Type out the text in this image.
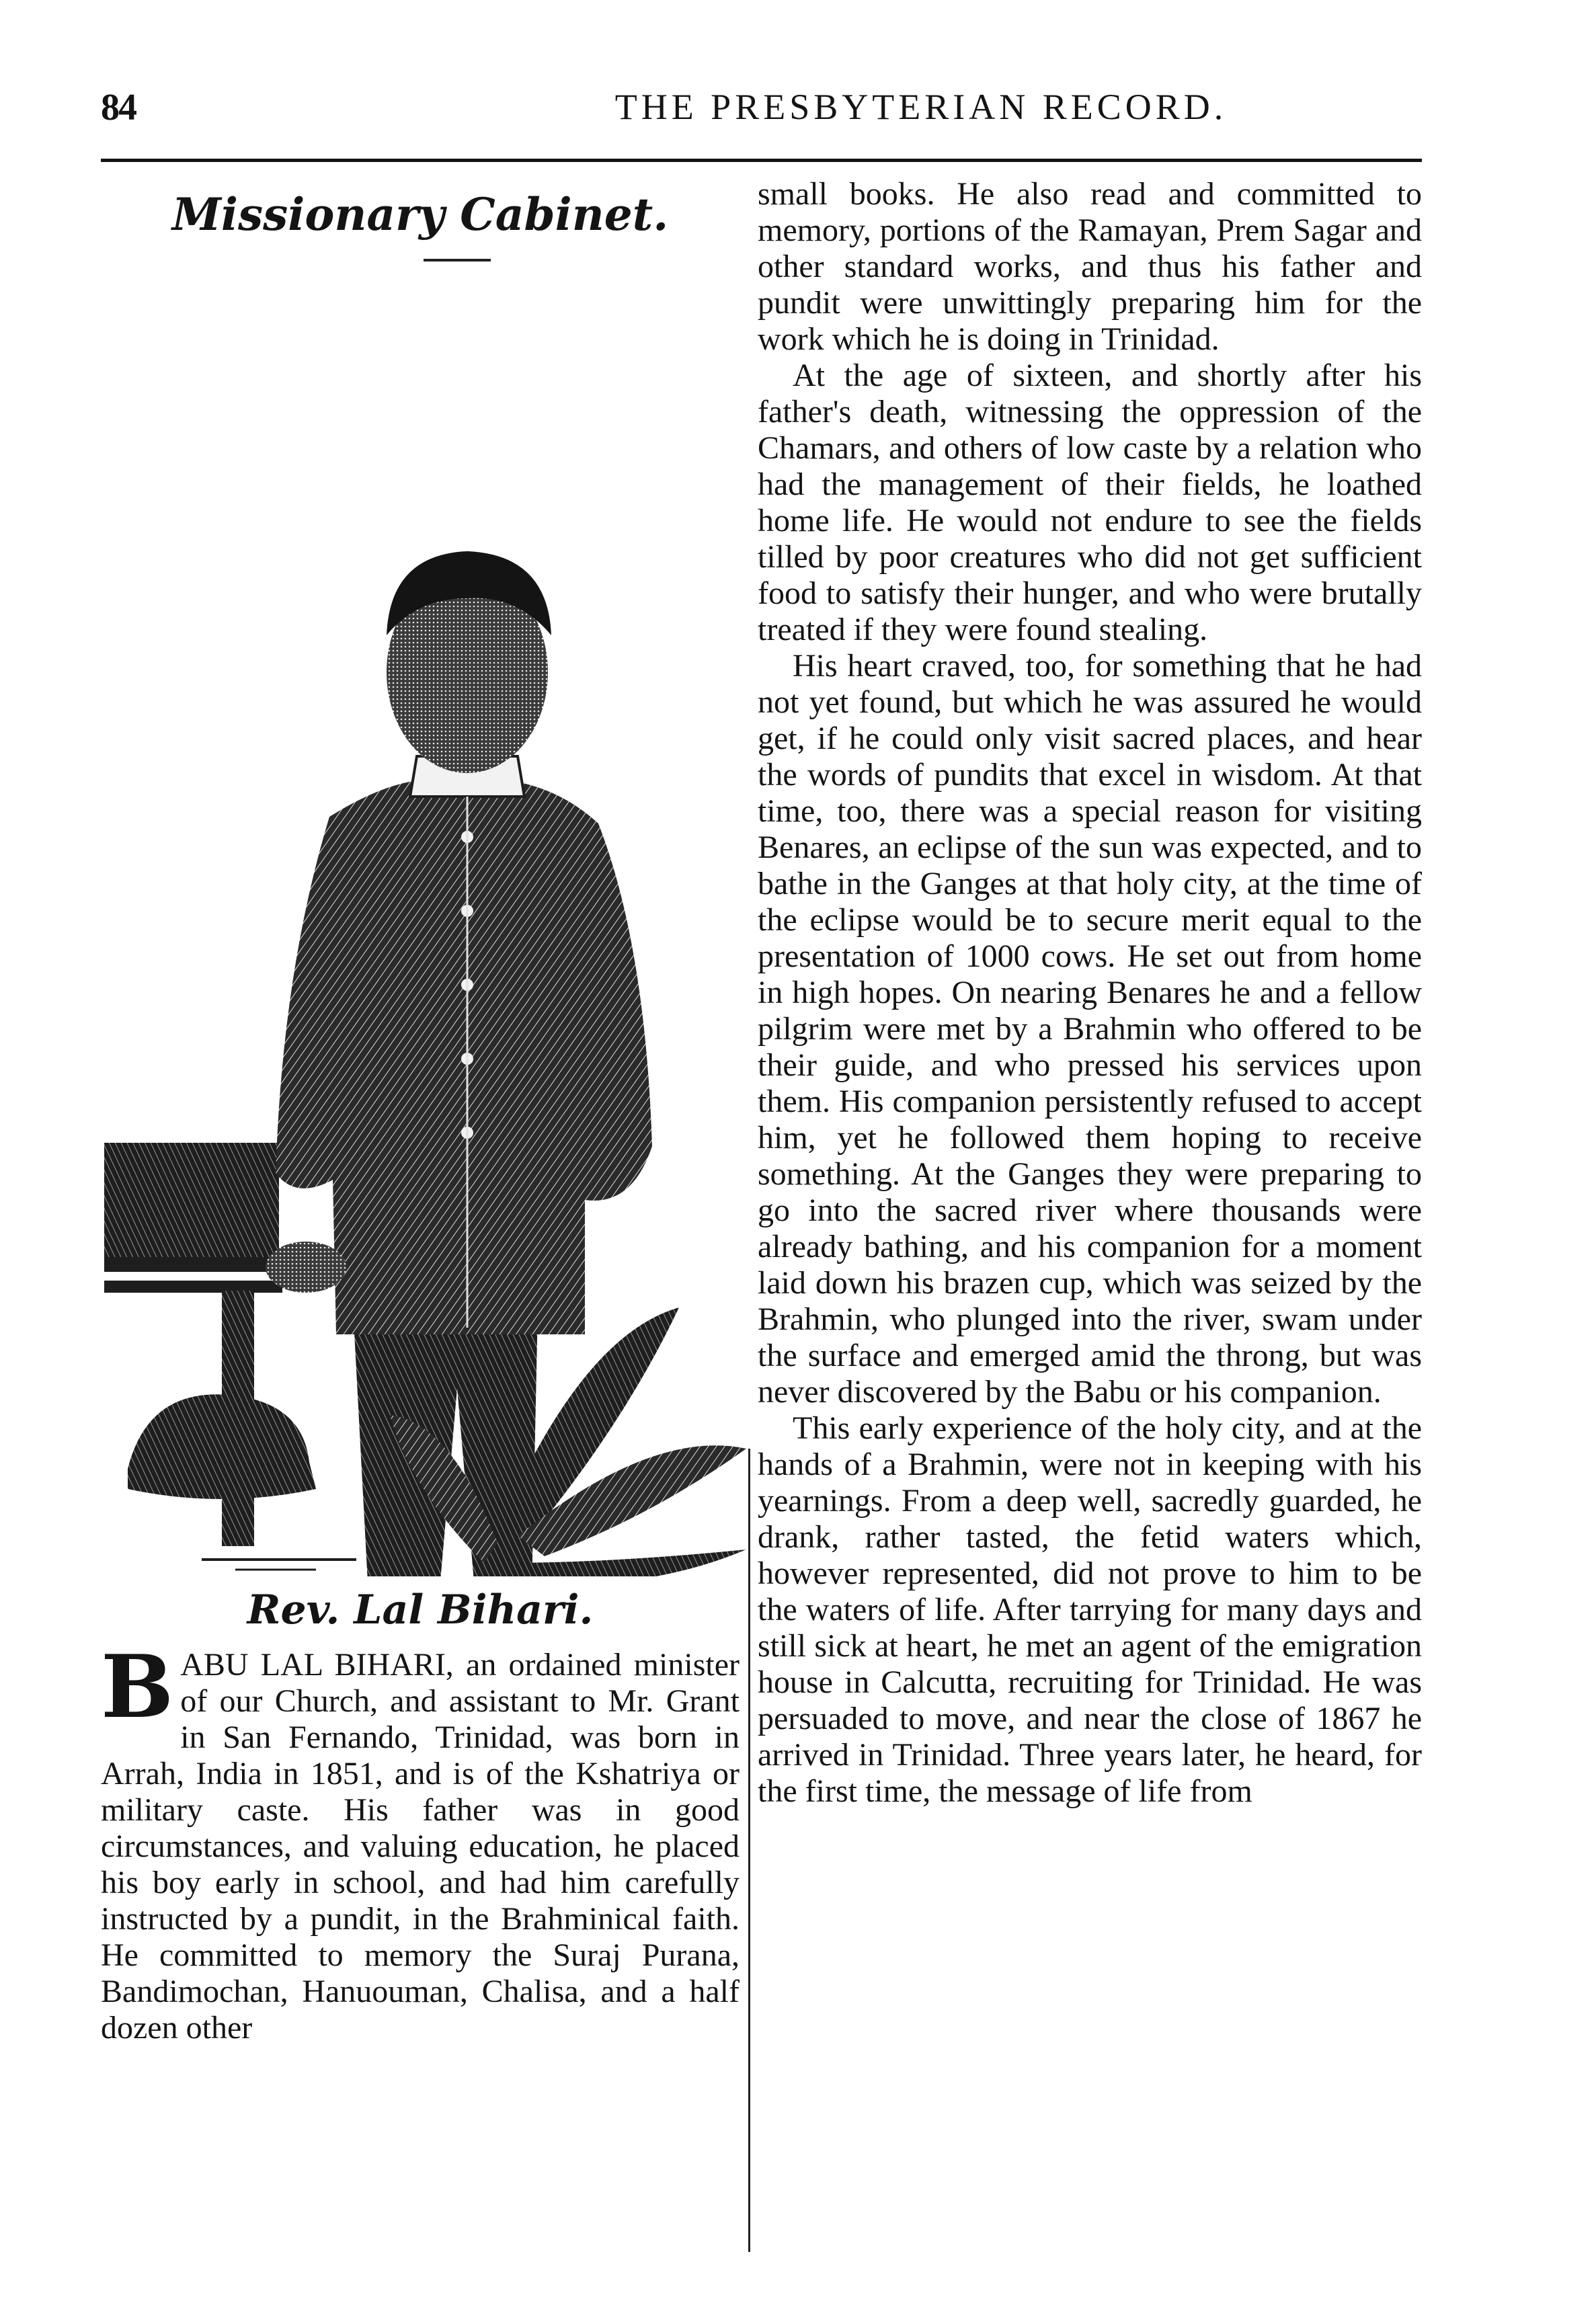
84	THE PRESBYTERIAN RECORD.
Missionary Cabinet.
Rev. Lal Bihari.

BABU LAL BIHARI, an ordained minister of our Church, and assistant to Mr. Grant in San Fernando, Trinidad, was born in Arrah, India in 1851, and is of the Kshatriya or military caste. His father was in good circumstances, and valuing education, he placed his boy early in school, and had him carefully instructed by a pundit, in the Brahminical faith. He committed to memory the Suraj Purana, Bandimochan, Hanuouman, Chalisa, and a half dozen other

small books. He also read and committed to memory, portions of the Ramayan, Prem Sagar and other standard works, and thus his father and pundit were unwittingly preparing him for the work which he is doing in Trinidad.

At the age of sixteen, and shortly after his father's death, witnessing the oppression of the Chamars, and others of low caste by a relation who had the management of their fields, he loathed home life. He would not endure to see the fields tilled by poor creatures who did not get sufficient food to satisfy their hunger, and who were brutally treated if they were found stealing.

His heart craved, too, for something that he had not yet found, but which he was assured he would get, if he could only visit sacred places, and hear the words of pundits that excel in wisdom. At that time, too, there was a special reason for visiting Benares, an eclipse of the sun was expected, and to bathe in the Ganges at that holy city, at the time of the eclipse would be to secure merit equal to the presentation of 1000 cows. He set out from home in high hopes. On nearing Benares he and a fellow pilgrim were met by a Brahmin who offered to be their guide, and who pressed his services upon them. His companion persistently refused to accept him, yet he followed them hoping to receive something. At the Ganges they were preparing to go into the sacred river where thousands were already bathing, and his companion for a moment laid down his brazen cup, which was seized by the Brahmin, who plunged into the river, swam under the surface and emerged amid the throng, but was never discovered by the Babu or his companion.

This early experience of the holy city, and at the hands of a Brahmin, were not in keeping with his yearnings. From a deep well, sacredly guarded, he drank, rather tasted, the fetid waters which, however represented, did not prove to him to be the waters of life. After tarrying for many days and still sick at heart, he met an agent of the emigration house in Calcutta, recruiting for Trinidad. He was persuaded to move, and near the close of 1867 he arrived in Trinidad. Three years later, he heard, for the first time, the message of life from
